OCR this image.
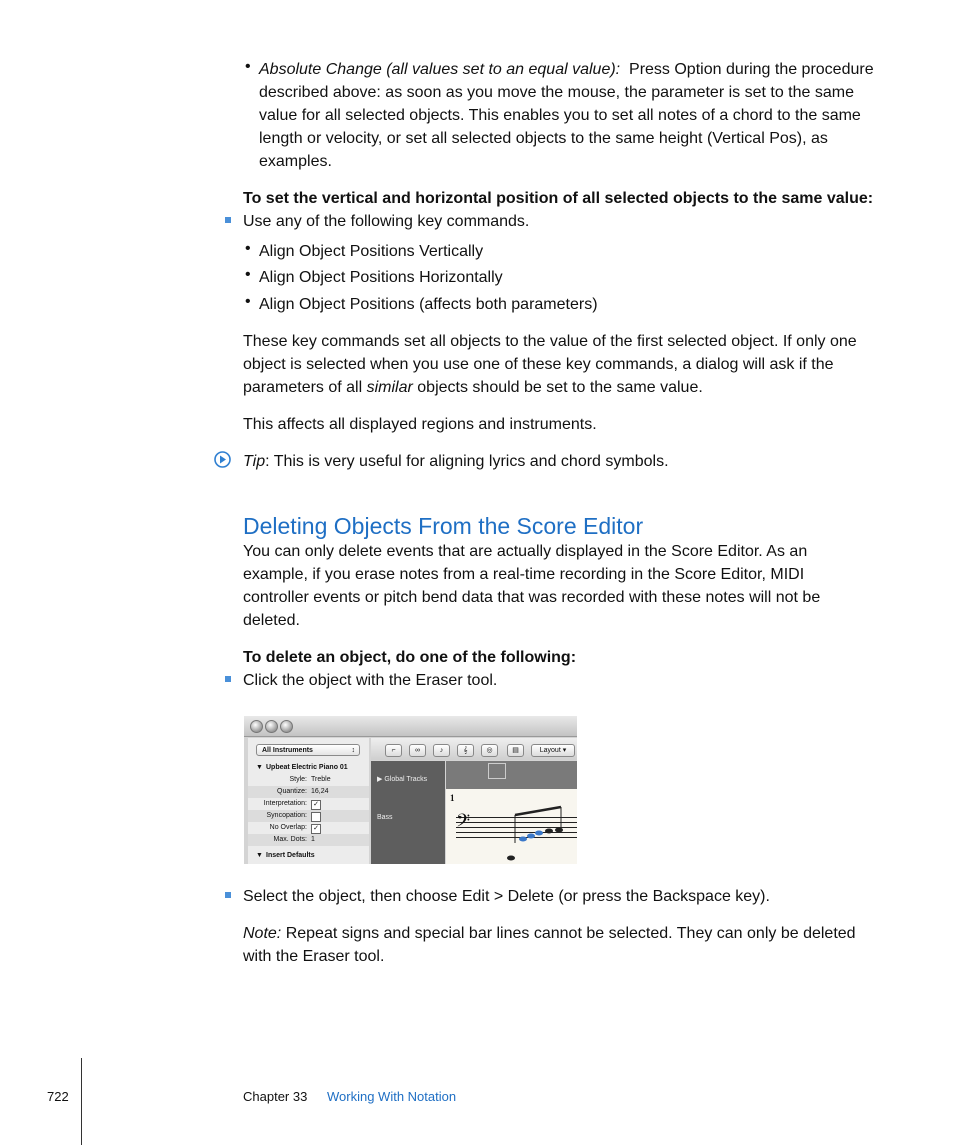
• Absolute Change (all values set to an equal value): Press Option during the procedure
described above: as soon as you move the mouse, the parameter is set to the same
value for all selected objects. This enables you to set all notes of a chord to the same
length or velocity, or set all selected objects to the same height (Vertical Pos), as
examples.
To set the vertical and horizontal position of all selected objects to the same value:
Use any of the following key commands.
• Align Object Positions Vertically
• Align Object Positions Horizontally
• Align Object Positions (affects both parameters)
These key commands set all objects to the value of the first selected object. If only one
object is selected when you use one of these key commands, a dialog will ask if the
parameters of all similar objects should be set to the same value.
This affects all displayed regions and instruments.
Tip: This is very useful for aligning lyrics and chord symbols.
Deleting Objects From the Score Editor
You can only delete events that are actually displayed in the Score Editor. As an
example, if you erase notes from a real-time recording in the Score Editor, MIDI
controller events or pitch bend data that was recorded with these notes will not be
deleted.
To delete an object, do one of the following:
Click the object with the Eraser tool.
All Instruments	↕
▼ Upbeat Electric Piano 01
Style: Treble
Quantize: 16,24
Interpretation: ✓
Syncopation:
No Overlap: ✓
Max. Dots: 1
▼ Insert Defaults
⌐	∞	♪	𝄞	◎	▤	Layout ▾
▶ Global Tracks
Bass
1
𝄢
Select the object, then choose Edit > Delete (or press the Backspace key).
Note: Repeat signs and special bar lines cannot be selected. They can only be deleted
with the Eraser tool.
722	Chapter 33 Working With Notation
